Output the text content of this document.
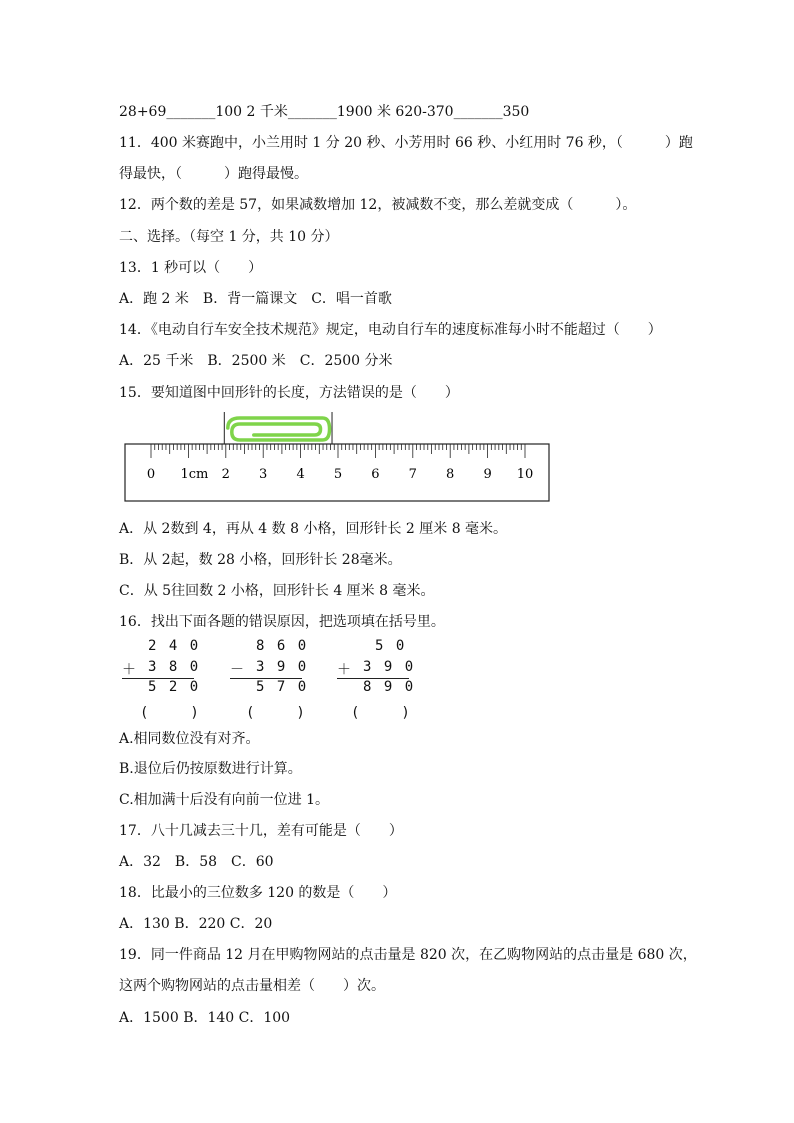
28+69_______100 2 千米_______1900 米 620-370_______350
11．400 米赛跑中，小兰用时 1 分 20 秒、小芳用时 66 秒、小红用时 76 秒，（　　　）跑
得最快，（　　　）跑得最慢。
12．两个数的差是 57，如果减数增加 12，被减数不变，那么差就变成（　　　）。
二、选择。（每空 1 分，共 10 分）
13．1 秒可以（　　）
A．跑 2 米　B．背一篇课文　C．唱一首歌
14．《电动自行车安全技术规范》规定，电动自行车的速度标准每小时不能超过（　　）
A．25 千米　B．2500 米　C．2500 分米
15．要知道图中回形针的长度，方法错误的是（　　）
0 1cm 2 3 4 5 6 7 8 9 10
A．从 2数到 4，再从 4 数 8 小格，回形针长 2 厘米 8 毫米。
B．从 2起，数 28 小格，回形针长 28毫米。
C．从 5往回数 2 小格，回形针长 4 厘米 8 毫米。
16．找出下面各题的错误原因，把选项填在括号里。
2 4 0
＋ 3 8 0
5 2 0
(　　　)
8 6 0
－ 3 9 0
5 7 0
(　　　)
5 0
＋ 3 9 0
8 9 0
(　　　)
A.相同数位没有对齐。
B.退位后仍按原数进行计算。
C.相加满十后没有向前一位进 1。
17．八十几减去三十几，差有可能是（　　）
A．32　B．58　C．60
18．比最小的三位数多 120 的数是（　　）
A．130 B．220 C．20
19．同一件商品 12 月在甲购物网站的点击量是 820 次，在乙购物网站的点击量是 680 次，
这两个购物网站的点击量相差（　　）次。
A．1500 B．140 C．100
